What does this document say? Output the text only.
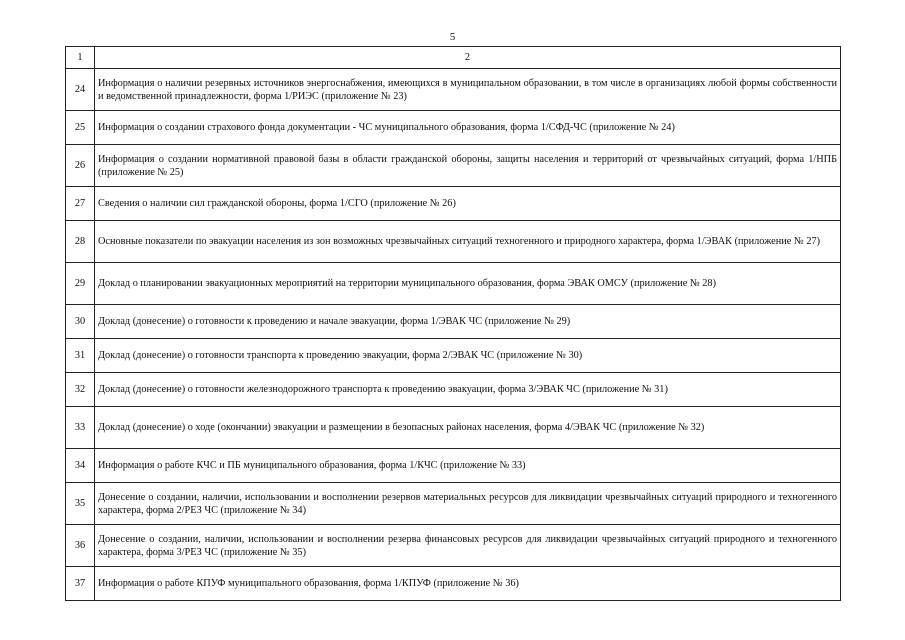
5
1	2
24	Информация о наличии резервных источников энергоснабжения, имеющихся в муниципальном образовании, в том числе в организациях любой формы собственности и ведомственной принадлежности, форма 1/РИЭС (приложение № 23)
25	Информация о создании страхового фонда документации - ЧС муниципального образования, форма 1/СФД-ЧС (приложение № 24)
26	Информация о создании нормативной правовой базы в области гражданской обороны, защиты населения и территорий от чрезвычайных ситуаций, форма 1/НПБ (приложение № 25)
27	Сведения о наличии сил гражданской обороны, форма 1/СГО (приложение № 26)
28	Основные показатели по эвакуации населения из зон возможных чрезвычайных ситуаций техногенного и природного характера, форма 1/ЭВАК (приложение № 27)
29	Доклад о планировании эвакуационных мероприятий на территории муниципального образования, форма ЭВАК ОМСУ (приложение № 28)
30	Доклад (донесение) о готовности к проведению и начале эвакуации, форма 1/ЭВАК ЧС (приложение № 29)
31	Доклад (донесение) о готовности транспорта к проведению эвакуации, форма 2/ЭВАК ЧС (приложение № 30)
32	Доклад (донесение) о готовности железнодорожного транспорта к проведению эвакуации, форма 3/ЭВАК ЧС (приложение № 31)
33	Доклад (донесение) о ходе (окончании) эвакуации и размещении в безопасных районах населения, форма 4/ЭВАК ЧС (приложение № 32)
34	Информация о работе КЧС и ПБ муниципального образования, форма 1/КЧС (приложение № 33)
35	Донесение о создании, наличии, использовании и восполнении резервов материальных ресурсов для ликвидации чрезвычайных ситуаций природного и техногенного характера, форма 2/РЕЗ ЧС (приложение № 34)
36	Донесение о создании, наличии, использовании и восполнении резерва финансовых ресурсов для ликвидации чрезвычайных ситуаций природного и техногенного характера, форма 3/РЕЗ ЧС (приложение № 35)
37	Информация о работе КПУФ муниципального образования, форма 1/КПУФ (приложение № 36)
